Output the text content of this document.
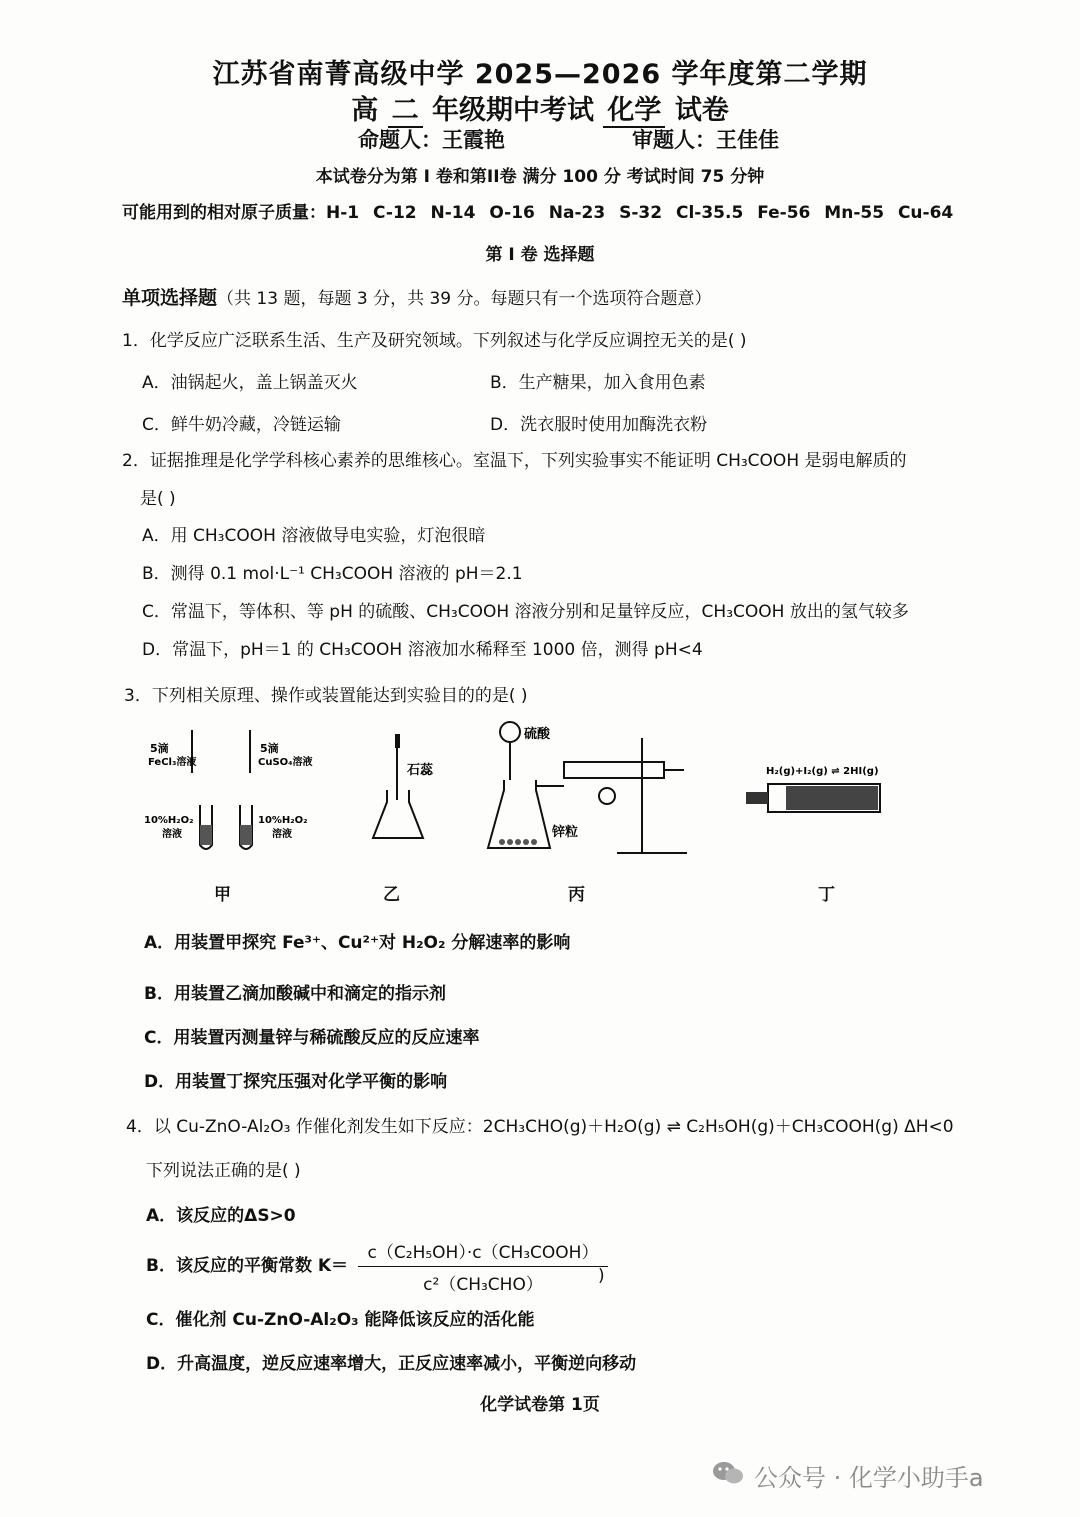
江苏省南菁高级中学 2025—2026 学年度第二学期
高 二 年级期中考试 化学 试卷
命题人：王霞艳	审题人：王佳佳
本试卷分为第 I 卷和第II卷 满分 100 分 考试时间 75 分钟
可能用到的相对原子质量：H-1 C-12 N-14 O-16 Na-23 S-32 Cl-35.5 Fe-56 Mn-55 Cu-64
第 I 卷 选择题
单项选择题（共 13 题，每题 3 分，共 39 分。每题只有一个选项符合题意）
1．化学反应广泛联系生活、生产及研究领域。下列叙述与化学反应调控无关的是( )
A．油锅起火，盖上锅盖灭火	B．生产糖果，加入食用色素
C．鲜牛奶冷藏，冷链运输	D．洗衣服时使用加酶洗衣粉
2．证据推理是化学学科核心素养的思维核心。室温下，下列实验事实不能证明 CH₃COOH 是弱电解质的
是( )
A．用 CH₃COOH 溶液做导电实验，灯泡很暗
B．测得 0.1 mol·L⁻¹ CH₃COOH 溶液的 pH＝2.1
C．常温下，等体积、等 pH 的硫酸、CH₃COOH 溶液分别和足量锌反应，CH₃COOH 放出的氢气较多
D．常温下，pH＝1 的 CH₃COOH 溶液加水稀释至 1000 倍，测得 pH<4
3．下列相关原理、操作或装置能达到实验目的的是( )
5滴
FeCl₃溶液
5滴
CuSO₄溶液
10%H₂O₂
溶液
10%H₂O₂
溶液
石蕊
硫酸
锌粒
H₂(g)+I₂(g) ⇌ 2HI(g)
甲	乙	丙	丁
A．用装置甲探究 Fe³⁺、Cu²⁺对 H₂O₂ 分解速率的影响
B．用装置乙滴加酸碱中和滴定的指示剂
C．用装置丙测量锌与稀硫酸反应的反应速率
D．用装置丁探究压强对化学平衡的影响
4．以 Cu-ZnO-Al₂O₃ 作催化剂发生如下反应：2CH₃CHO(g)＋H₂O(g) ⇌ C₂H₅OH(g)＋CH₃COOH(g) ΔH<0
下列说法正确的是( )
A．该反应的ΔS>0
B．该反应的平衡常数 K＝
c（C₂H₅OH）·c（CH₃COOH）
c²（CH₃CHO）	)
C．催化剂 Cu-ZnO-Al₂O₃ 能降低该反应的活化能
D．升高温度，逆反应速率增大，正反应速率减小，平衡逆向移动
化学试卷第 1页
公众号 · 化学小助手a
